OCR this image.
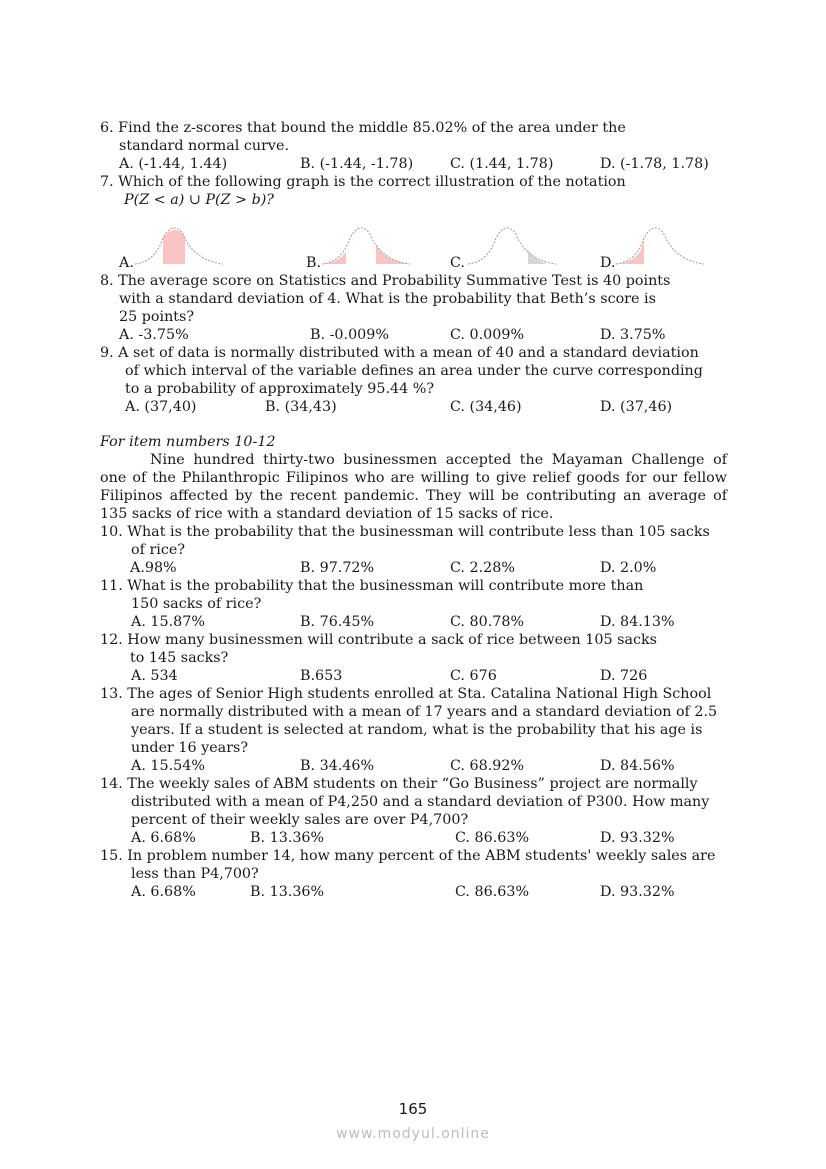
6. Find the z-scores that bound the middle 85.02% of the area under the
standard normal curve.
A. (-1.44, 1.44)	B. (-1.44, -1.78)	C. (1.44, 1.78)	D. (-1.78, 1.78)
7. Which of the following graph is the correct illustration of the notation
P(Z < a) ∪ P(Z > b)?
A.	B.	C.	D.
8. The average score on Statistics and Probability Summative Test is 40 points
with a standard deviation of 4. What is the probability that Beth’s score is
25 points?
A. -3.75%	B. -0.009%	C. 0.009%	D. 3.75%
9. A set of data is normally distributed with a mean of 40 and a standard deviation
of which interval of the variable defines an area under the curve corresponding
to a probability of approximately 95.44 %?
A. (37,40)	B. (34,43)	C. (34,46)	D. (37,46)
For item numbers 10-12
Nine hundred thirty-two businessmen accepted the Mayaman Challenge of
one of the Philanthropic Filipinos who are willing to give relief goods for our fellow
Filipinos affected by the recent pandemic. They will be contributing an average of
135 sacks of rice with a standard deviation of 15 sacks of rice.
10. What is the probability that the businessman will contribute less than 105 sacks
of rice?
A.98%	B. 97.72%	C. 2.28%	D. 2.0%
11. What is the probability that the businessman will contribute more than
150 sacks of rice?
A. 15.87%	B. 76.45%	C. 80.78%	D. 84.13%
12. How many businessmen will contribute a sack of rice between 105 sacks
to 145 sacks?
A. 534	B.653	C. 676	D. 726
13. The ages of Senior High students enrolled at Sta. Catalina National High School
are normally distributed with a mean of 17 years and a standard deviation of 2.5
years. If a student is selected at random, what is the probability that his age is
under 16 years?
A. 15.54%	B. 34.46%	C. 68.92%	D. 84.56%
14. The weekly sales of ABM students on their “Go Business” project are normally
distributed with a mean of P4,250 and a standard deviation of P300. How many
percent of their weekly sales are over P4,700?
A. 6.68%	B. 13.36%	C. 86.63%	D. 93.32%
15. In problem number 14, how many percent of the ABM students' weekly sales are
less than P4,700?
A. 6.68%	B. 13.36%	C. 86.63%	D. 93.32%
165
www.modyul.online
